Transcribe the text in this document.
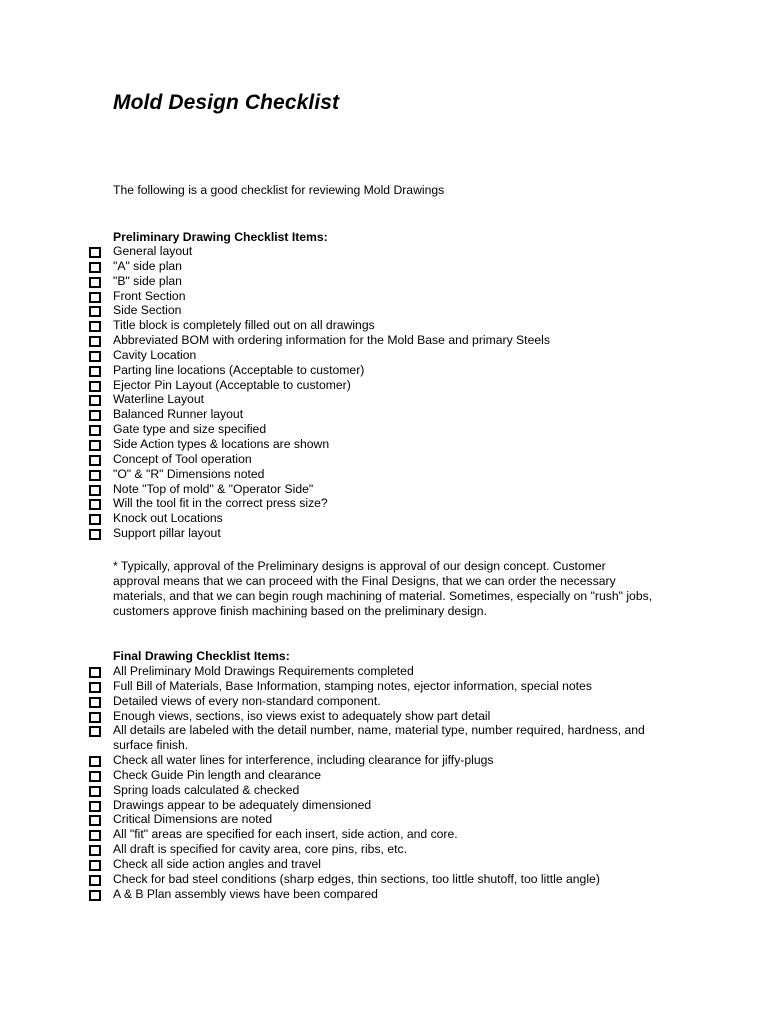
Mold Design Checklist

The following is a good checklist for reviewing Mold Drawings

Preliminary Drawing Checklist Items:
General layout
"A" side plan
"B" side plan
Front Section
Side Section
Title block is completely filled out on all drawings
Abbreviated BOM with ordering information for the Mold Base and primary Steels
Cavity Location
Parting line locations (Acceptable to customer)
Ejector Pin Layout (Acceptable to customer)
Waterline Layout
Balanced Runner layout
Gate type and size specified
Side Action types & locations are shown
Concept of Tool operation
"O" & "R" Dimensions noted
Note "Top of mold" & "Operator Side"
Will the tool fit in the correct press size?
Knock out Locations
Support pillar layout

* Typically, approval of the Preliminary designs is approval of our design concept. Customer approval means that we can proceed with the Final Designs, that we can order the necessary materials, and that we can begin rough machining of material. Sometimes, especially on "rush" jobs, customers approve finish machining based on the preliminary design.

Final Drawing Checklist Items:
All Preliminary Mold Drawings Requirements completed
Full Bill of Materials, Base Information, stamping notes, ejector information, special notes
Detailed views of every non-standard component.
Enough views, sections, iso views exist to adequately show part detail
All details are labeled with the detail number, name, material type, number required, hardness, and surface finish.
Check all water lines for interference, including clearance for jiffy-plugs
Check Guide Pin length and clearance
Spring loads calculated & checked
Drawings appear to be adequately dimensioned
Critical Dimensions are noted
All "fit" areas are specified for each insert, side action, and core.
All draft is specified for cavity area, core pins, ribs, etc.
Check all side action angles and travel
Check for bad steel conditions (sharp edges, thin sections, too little shutoff, too little angle)
A & B Plan assembly views have been compared
